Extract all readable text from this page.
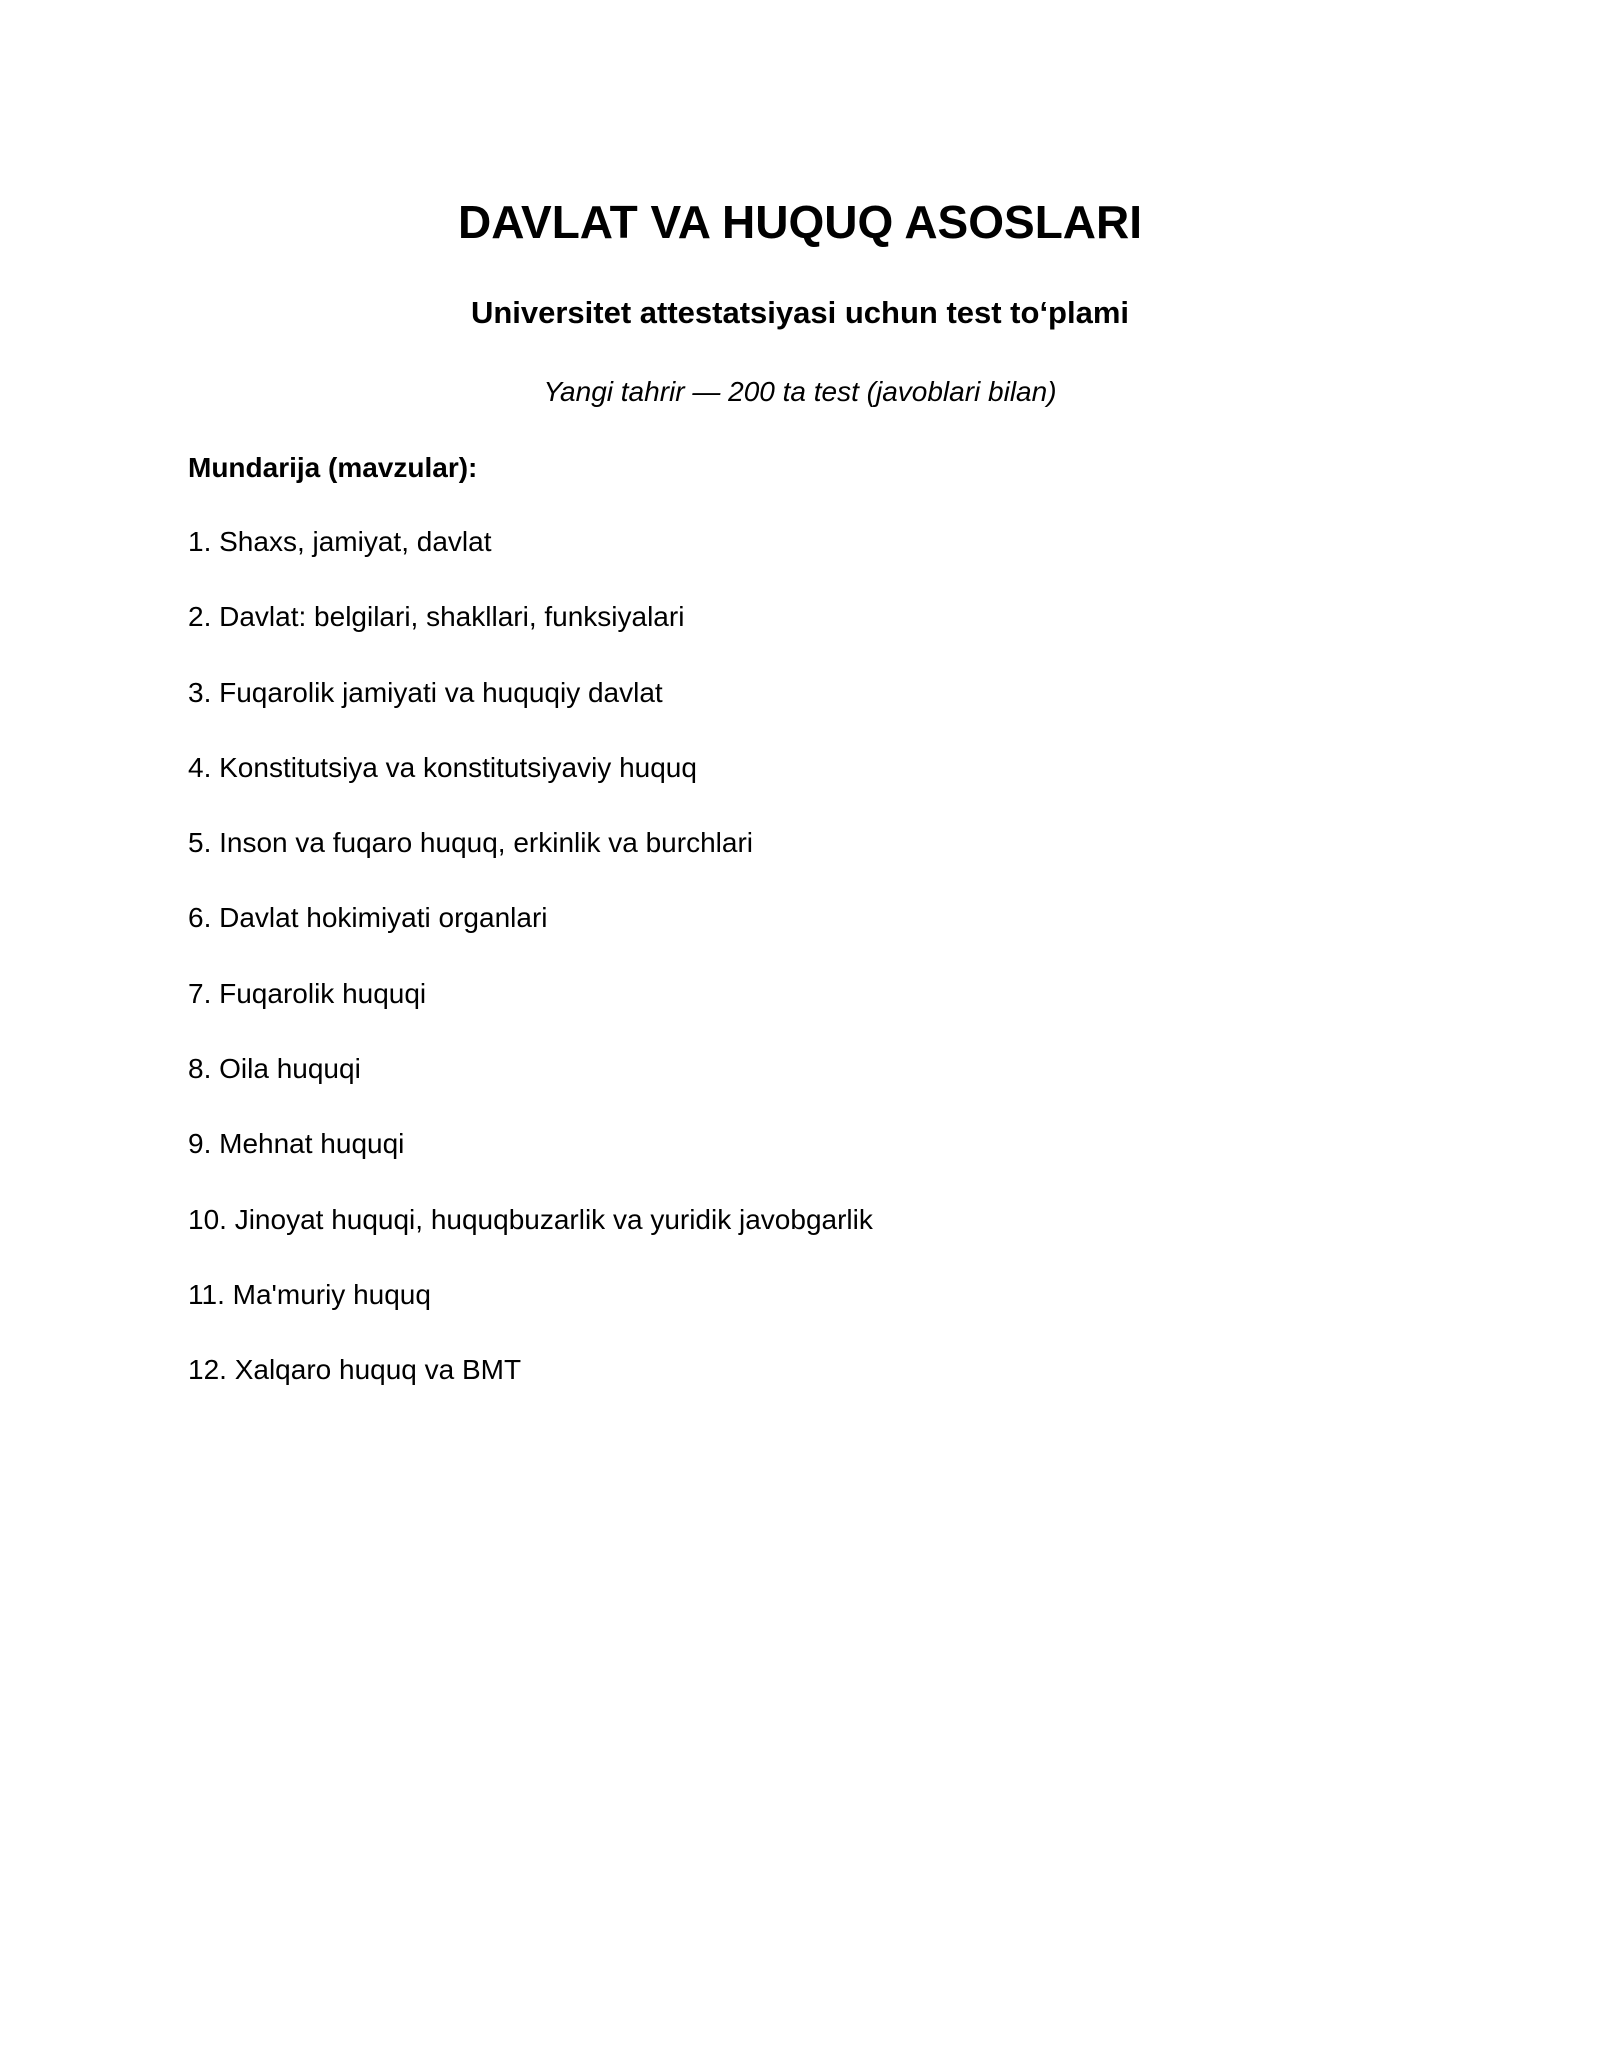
DAVLAT VA HUQUQ ASOSLARI
Universitet attestatsiyasi uchun test to‘plami
Yangi tahrir — 200 ta test (javoblari bilan)
Mundarija (mavzular):
1. Shaxs, jamiyat, davlat
2. Davlat: belgilari, shakllari, funksiyalari
3. Fuqarolik jamiyati va huquqiy davlat
4. Konstitutsiya va konstitutsiyaviy huquq
5. Inson va fuqaro huquq, erkinlik va burchlari
6. Davlat hokimiyati organlari
7. Fuqarolik huquqi
8. Oila huquqi
9. Mehnat huquqi
10. Jinoyat huquqi, huquqbuzarlik va yuridik javobgarlik
11. Ma'muriy huquq
12. Xalqaro huquq va BMT
